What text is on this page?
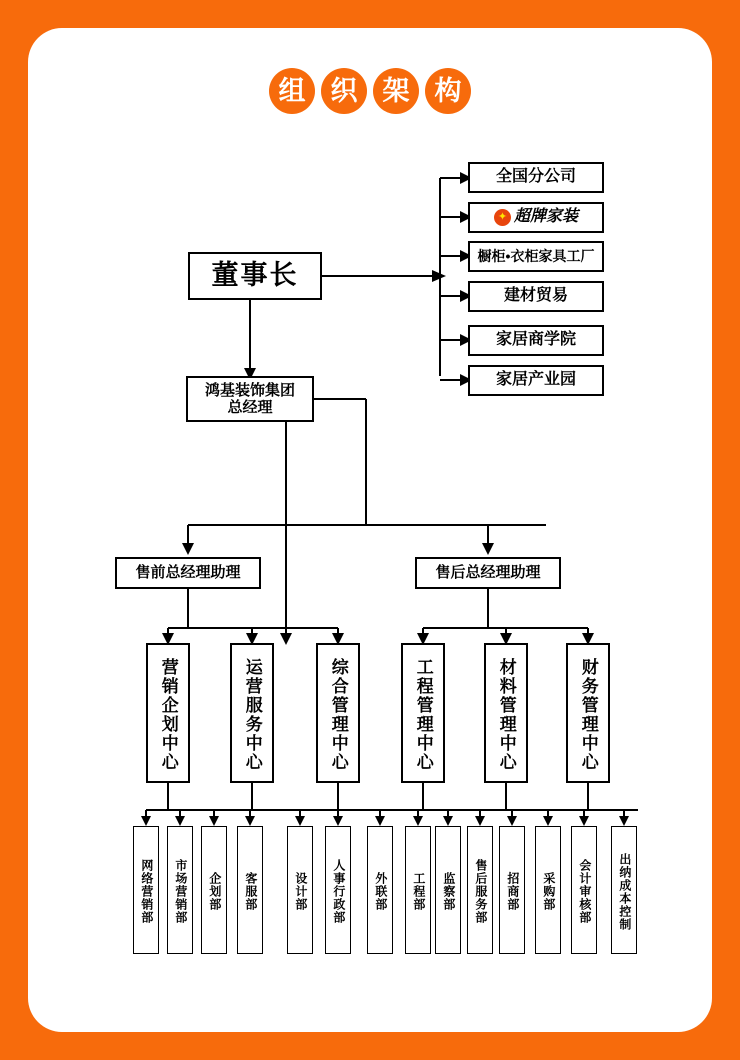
组 织 架 构
董事长
全国分公司
✦ 超牌家装
橱柜•衣柜家具工厂
建材贸易
家居商学院
家居产业园
鸿基装饰集团
总经理
售前总经理助理	售后总经理助理
营销企划中心	运营服务中心	综合管理中心	工程管理中心	材料管理中心	财务管理中心
网络营销部	市场营销部	企划部	客服部	设计部	人事行政部	外联部	工程部	监察部	售后服务部	招商部	采购部	会计审核部	出纳成本控制
